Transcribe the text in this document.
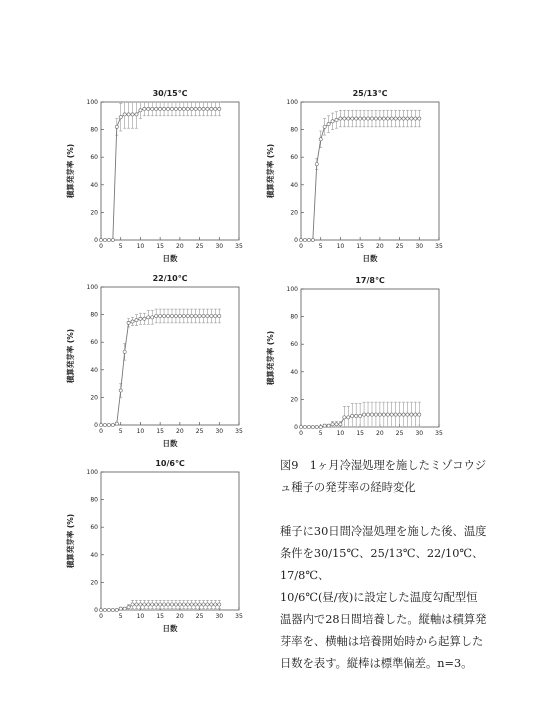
0	5 10 15 20 25 30 35
0
20
40
60
80
100
30/15℃
日数
積算発芽率 (%)
0	5 10 15 20 25 30 35
0
20
40
60
80
100
25/13℃
日数
積算発芽率 (%)
0	5 10 15 20 25 30 35
0
20
40
60
80
100
22/10℃
日数
積算発芽率 (%)
0	5 10 15 20 25 30 35
0
20
40
60
80
100
17/8℃
積算発芽率 (%)
0	5 10 15 20 25 30 35
0
20
40
60
80
100
10/6℃
日数
積算発芽率 (%)

図9　1ヶ月冷湿処理を施したミゾコウジ

ュ種子の発芽率の経時変化

種子に30日間冷湿処理を施した後、温度

条件を30/15℃、25/13℃、22/10℃、17/8℃、

10/6℃(昼/夜)に設定した温度勾配型恒

温器内で28日間培養した。縦軸は積算発

芽率を、横軸は培養開始時から起算した

日数を表す。縦棒は標準偏差。n=3。
